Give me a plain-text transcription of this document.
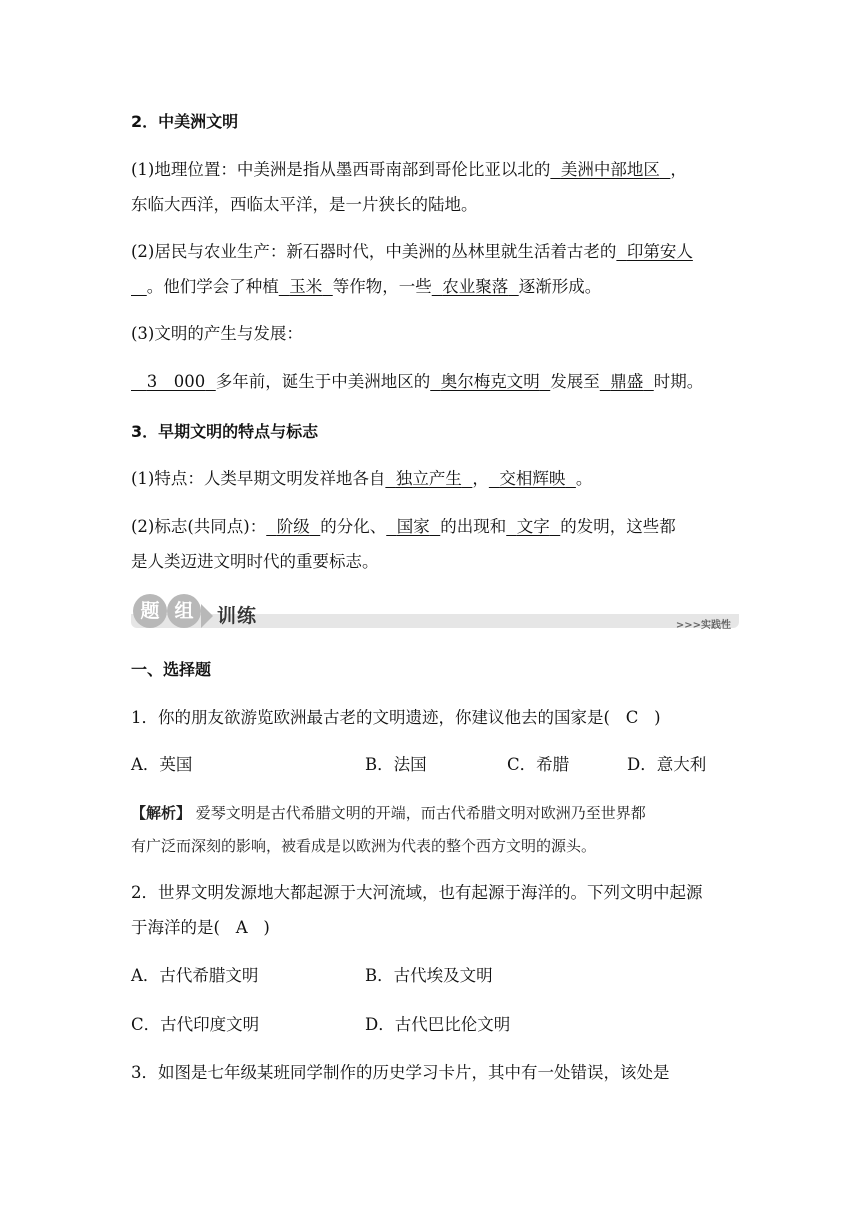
2．中美洲文明
(1)地理位置：中美洲是指从墨西哥南部到哥伦比亚以北的 美洲中部地区 ，
东临大西洋，西临太平洋，是一片狭长的陆地。
(2)居民与农业生产：新石器时代，中美洲的丛林里就生活着古老的 印第安人
。他们学会了种植 玉米 等作物，一些 农业聚落 逐渐形成。
(3)文明的产生与发展：
3　000 多年前，诞生于中美洲地区的 奥尔梅克文明 发展至 鼎盛 时期。
3．早期文明的特点与标志
(1)特点：人类早期文明发祥地各自 独立产生 ， 交相辉映 。
(2)标志(共同点)： 阶级 的分化、 国家 的出现和 文字 的发明，这些都
是人类迈进文明时代的重要标志。
题 组	训练	>>>实践性
一、选择题
1．你的朋友欲游览欧洲最古老的文明遗迹，你建议他去的国家是( C )
A．英国	B．法国	C．希腊	D．意大利
【解析】 爱琴文明是古代希腊文明的开端，而古代希腊文明对欧洲乃至世界都
有广泛而深刻的影响，被看成是以欧洲为代表的整个西方文明的源头。
2．世界文明发源地大都起源于大河流域，也有起源于海洋的。下列文明中起源
于海洋的是( A )
A．古代希腊文明	B．古代埃及文明
C．古代印度文明	D．古代巴比伦文明
3．如图是七年级某班同学制作的历史学习卡片，其中有一处错误，该处是
